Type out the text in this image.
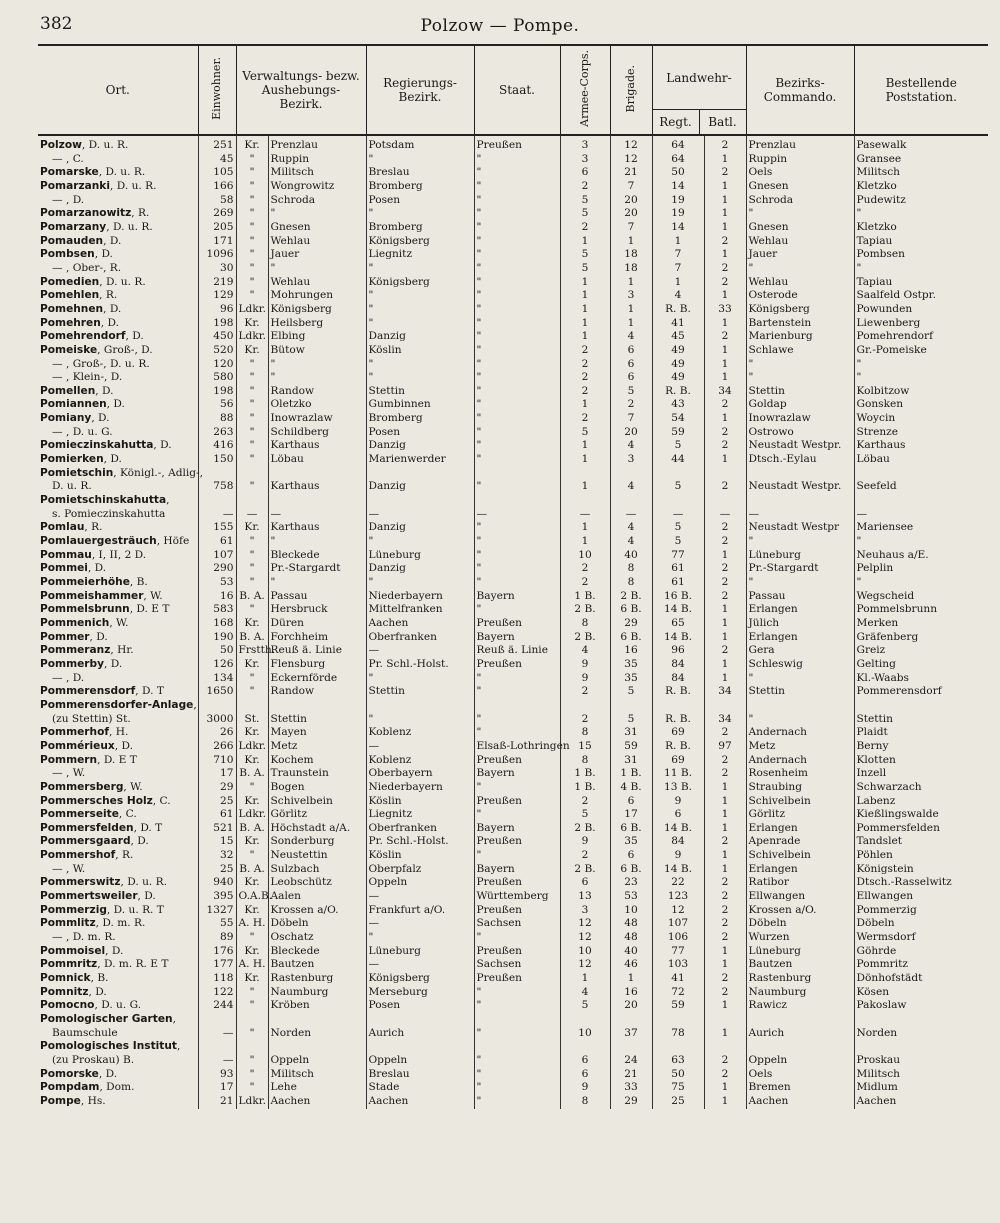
382	Polzow — Pompe.
Ort.	Einwohner.	Verwaltungs- bezw. Aushebungs- Bezirk.		Regierungs- Bezirk.	Staat.	Armee-Corps.	Brigade.	Landwehr-
Regt. Batl.		Bezirks- Commando.	Bestellende Poststation.
Polzow, D. u. R.	251	Kr.	Prenzlau	Potsdam	Preußen	3	12	64	2	Prenzlau	Pasewalk
— , C.	45	"	Ruppin	"	"	3	12	64	1	Ruppin	Gransee
Pomarske, D. u. R.	105	"	Militsch	Breslau	"	6	21	50	2	Oels	Militsch
Pomarzanki, D. u. R.	166	"	Wongrowitz	Bromberg	"	2	7	14	1	Gnesen	Kletzko
— , D.	58	"	Schroda	Posen	"	5	20	19	1	Schroda	Pudewitz
Pomarzanowitz, R.	269	"	"	"	"	5	20	19	1	"	"
Pomarzany, D. u. R.	205	"	Gnesen	Bromberg	"	2	7	14	1	Gnesen	Kletzko
Pomauden, D.	171	"	Wehlau	Königsberg	"	1	1	1	2	Wehlau	Tapiau
Pombsen, D.	1096	"	Jauer	Liegnitz	"	5	18	7	1	Jauer	Pombsen
— , Ober-, R.	30	"	"	"	"	5	18	7	2	"	"
Pomedien, D. u. R.	219	"	Wehlau	Königsberg	"	1	1	1	2	Wehlau	Tapiau
Pomehlen, R.	129	"	Mohrungen	"	"	1	3	4	1	Osterode	Saalfeld Ostpr.
Pomehnen, D.	96	Ldkr.	Königsberg	"	"	1	1	R. B.	33	Königsberg	Powunden
Pomehren, D.	198	Kr.	Heilsberg	"	"	1	1	41	1	Bartenstein	Liewenberg
Pomehrendorf, D.	450	Ldkr.	Elbing	Danzig	"	1	4	45	2	Marienburg	Pomehrendorf
Pomeiske, Groß-, D.	520	Kr.	Bütow	Köslin	"	2	6	49	1	Schlawe	Gr.-Pomeiske
— , Groß-, D. u. R.	120	"	"	"	"	2	6	49	1	"	"
— , Klein-, D.	580	"	"	"	"	2	6	49	1	"	"
Pomellen, D.	198	"	Randow	Stettin	"	2	5	R. B.	34	Stettin	Kolbitzow
Pomiannen, D.	56	"	Oletzko	Gumbinnen	"	1	2	43	2	Goldap	Gonsken
Pomiany, D.	88	"	Inowrazlaw	Bromberg	"	2	7	54	1	Inowrazlaw	Woycin
— , D. u. G.	263	"	Schildberg	Posen	"	5	20	59	2	Ostrowo	Strenze
Pomieczinskahutta, D.	416	"	Karthaus	Danzig	"	1	4	5	2	Neustadt Westpr.	Karthaus
Pomierken, D.	150	"	Löbau	Marienwerder	"	1	3	44	1	Dtsch.-Eylau	Löbau
Pomietschin, Königl.-, Adlig-,											
D. u. R.	758	"	Karthaus	Danzig	"	1	4	5	2	Neustadt Westpr.	Seefeld
Pomietschinskahutta,											
s. Pomieczinskahutta	—	—	—	—	—	—	—	—	—	—	—
Pomlau, R.	155	Kr.	Karthaus	Danzig	"	1	4	5	2	Neustadt Westpr	Mariensee
Pomlauergesträuch, Höfe	61	"	"	"	"	1	4	5	2	"	"
Pommau, I, II, 2 D.	107	"	Bleckede	Lüneburg	"	10	40	77	1	Lüneburg	Neuhaus a/E.
Pommei, D.	290	"	Pr.-Stargardt	Danzig	"	2	8	61	2	Pr.-Stargardt	Pelplin
Pommeierhöhe, B.	53	"	"	"	"	2	8	61	2	"	"
Pommeishammer, W.	16	B. A.	Passau	Niederbayern	Bayern	1 B.	2 B.	16 B.	2	Passau	Wegscheid
Pommelsbrunn, D. E T	583	"	Hersbruck	Mittelfranken	"	2 B.	6 B.	14 B.	1	Erlangen	Pommelsbrunn
Pommenich, W.	168	Kr.	Düren	Aachen	Preußen	8	29	65	1	Jülich	Merken
Pommer, D.	190	B. A.	Forchheim	Oberfranken	Bayern	2 B.	6 B.	14 B.	1	Erlangen	Gräfenberg
Pommeranz, Hr.	50	Frstth.	Reuß ä. Linie	—	Reuß ä. Linie	4	16	96	2	Gera	Greiz
Pommerby, D.	126	Kr.	Flensburg	Pr. Schl.-Holst.	Preußen	9	35	84	1	Schleswig	Gelting
— , D.	134	"	Eckernförde	"	"	9	35	84	1	"	Kl.-Waabs
Pommerensdorf, D. T	1650	"	Randow	Stettin	"	2	5	R. B.	34	Stettin	Pommerensdorf
Pommerensdorfer-Anlage,											
(zu Stettin) St.	3000	St.	Stettin	"	"	2	5	R. B.	34	"	Stettin
Pommerhof, H.	26	Kr.	Mayen	Koblenz	"	8	31	69	2	Andernach	Plaidt
Pommérieux, D.	266	Ldkr.	Metz	—	Elsaß-Lothringen	15	59	R. B.	97	Metz	Berny
Pommern, D. E T	710	Kr.	Kochem	Koblenz	Preußen	8	31	69	2	Andernach	Klotten
— , W.	17	B. A.	Traunstein	Oberbayern	Bayern	1 B.	1 B.	11 B.	2	Rosenheim	Inzell
Pommersberg, W.	29	"	Bogen	Niederbayern	"	1 B.	4 B.	13 B.	1	Straubing	Schwarzach
Pommersches Holz, C.	25	Kr.	Schivelbein	Köslin	Preußen	2	6	9	1	Schivelbein	Labenz
Pommerseite, C.	61	Ldkr.	Görlitz	Liegnitz	"	5	17	6	1	Görlitz	Kießlingswalde
Pommersfelden, D. T	521	B. A.	Höchstadt a/A.	Oberfranken	Bayern	2 B.	6 B.	14 B.	1	Erlangen	Pommersfelden
Pommersgaard, D.	15	Kr.	Sonderburg	Pr. Schl.-Holst.	Preußen	9	35	84	2	Apenrade	Tandslet
Pommershof, R.	32	"	Neustettin	Köslin	"	2	6	9	1	Schivelbein	Pöhlen
— , W.	25	B. A.	Sulzbach	Oberpfalz	Bayern	2 B.	6 B.	14 B.	1	Erlangen	Königstein
Pommerswitz, D. u. R.	940	Kr.	Leobschütz	Oppeln	Preußen	6	23	22	2	Ratibor	Dtsch.-Rasselwitz
Pommertsweiler, D.	395	O.A.B.	Aalen	—	Württemberg	13	53	123	2	Ellwangen	Ellwangen
Pommerzig, D. u. R. T	1327	Kr.	Krossen a/O.	Frankfurt a/O.	Preußen	3	10	12	2	Krossen a/O.	Pommerzig
Pommlitz, D. m. R.	55	A. H.	Döbeln	—	Sachsen	12	48	107	2	Döbeln	Döbeln
— , D. m. R.	89	"	Oschatz	"	"	12	48	106	2	Wurzen	Wermsdorf
Pommoisel, D.	176	Kr.	Bleckede	Lüneburg	Preußen	10	40	77	1	Lüneburg	Göhrde
Pommritz, D. m. R. E T	177	A. H.	Bautzen	—	Sachsen	12	46	103	1	Bautzen	Pommritz
Pomnick, B.	118	Kr.	Rastenburg	Königsberg	Preußen	1	1	41	2	Rastenburg	Dönhofstädt
Pomnitz, D.	122	"	Naumburg	Merseburg	"	4	16	72	2	Naumburg	Kösen
Pomocno, D. u. G.	244	"	Kröben	Posen	"	5	20	59	1	Rawicz	Pakoslaw
Pomologischer Garten,											
Baumschule	—	"	Norden	Aurich	"	10	37	78	1	Aurich	Norden
Pomologisches Institut,											
(zu Proskau) B.	—	"	Oppeln	Oppeln	"	6	24	63	2	Oppeln	Proskau
Pomorske, D.	93	"	Militsch	Breslau	"	6	21	50	2	Oels	Militsch
Pompdam, Dom.	17	"	Lehe	Stade	"	9	33	75	1	Bremen	Midlum
Pompe, Hs.	21	Ldkr.	Aachen	Aachen	"	8	29	25	1	Aachen	Aachen
